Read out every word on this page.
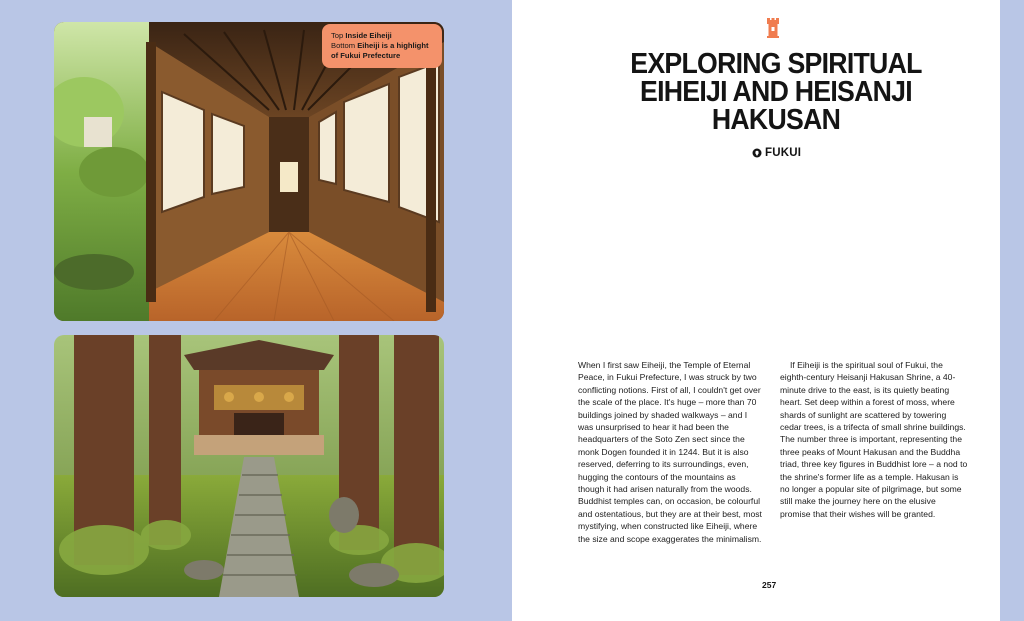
Top Inside Eiheiji
Bottom Eiheiji is a highlight of Fukui Prefecture	EXPLORING SPIRITUAL
EIHEIJI AND HEISANJI
HAKUSAN
FUKUI

When I first saw Eiheiji, the Temple of Eternal Peace, in Fukui Prefecture, I was struck by two conflicting notions. First of all, I couldn't get over the scale of the place. It's huge – more than 70 buildings joined by shaded walkways – and I was unsurprised to hear it had been the headquarters of the Soto Zen sect since the monk Dogen founded it in 1244. But it is also reserved, deferring to its surroundings, even, hugging the contours of the mountains as though it had arisen naturally from the woods. Buddhist temples can, on occasion, be colourful and ostentatious, but they are at their best, most mystifying, when constructed like Eiheiji, where the size and scope exaggerates the minimalism.

If Eiheiji is the spiritual soul of Fukui, the eighth-century Heisanji Hakusan Shrine, a 40-minute drive to the east, is its quietly beating heart. Set deep within a forest of moss, where shards of sunlight are scattered by towering cedar trees, is a trifecta of small shrine buildings. The number three is important, representing the three peaks of Mount Hakusan and the Buddha triad, three key figures in Buddhist lore – a nod to the shrine's former life as a temple. Hakusan is no longer a popular site of pilgrimage, but some still make the journey here on the elusive promise that their wishes will be granted.

257
